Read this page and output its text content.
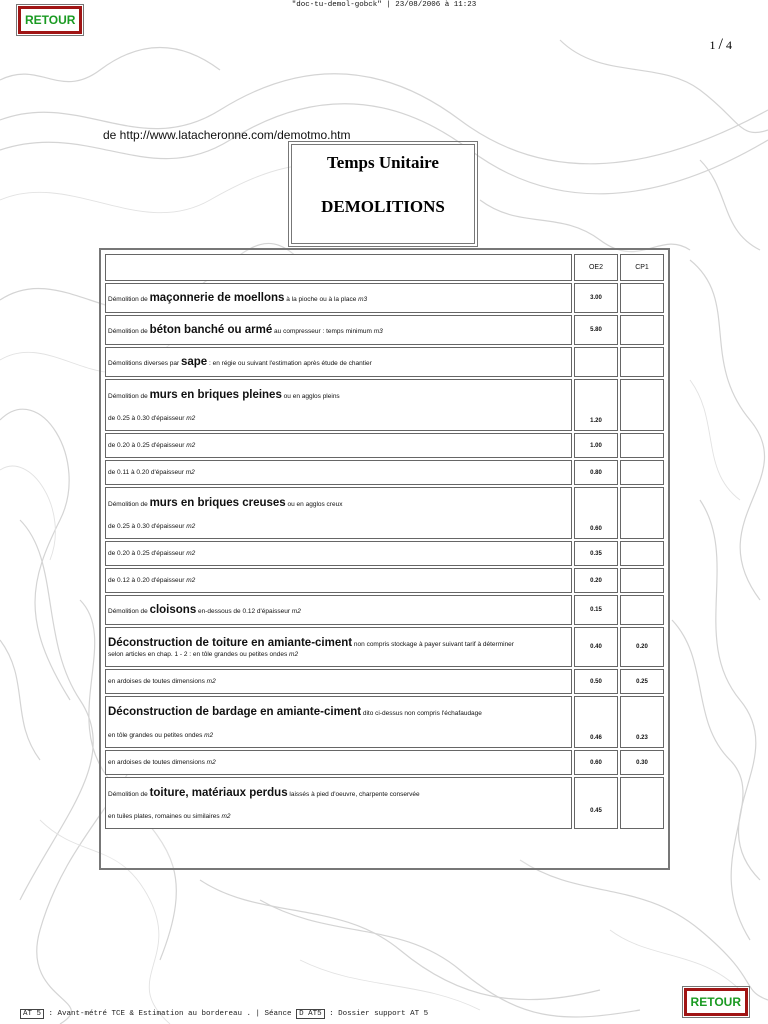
"doc-tu-demol-gobck" | 23/08/2006 à 11:23
RETOUR
1 / 4
de http://www.latacheronne.com/demotmo.htm
Temps Unitaire
DEMOLITIONS
	OE2	CP1
Démolition de maçonnerie de moellons à la pioche ou à la place m3	3.00	
Démolition de béton banché ou armé au compresseur : temps minimum m3	5.80	
Démolitions diverses par sape : en régie ou suivant l'estimation après étude de chantier		
Démolition de murs en briques pleines ou en agglos pleins
de 0.25 à 0.30 d'épaisseur m2	1.20	
de 0.20 à 0.25 d'épaisseur m2	1.00	
de 0.11 à 0.20 d'épaisseur m2	0.80	
Démolition de murs en briques creuses ou en agglos creux
de 0.25 à 0.30 d'épaisseur m2	0.60	
de 0.20 à 0.25 d'épaisseur m2	0.35	
de 0.12 à 0.20 d'épaisseur m2	0.20	
Démolition de cloisons en-dessous de 0.12 d'épaisseur m2	0.15	
Déconstruction de toiture en amiante-ciment non compris stockage à payer suivant tarif à déterminer
selon articles en chap. 1 - 2 : en tôle grandes ou petites ondes m2	0.40	0.20
en ardoises de toutes dimensions m2	0.50	0.25
Déconstruction de bardage en amiante-ciment dito ci-dessus non compris l'échafaudage
en tôle grandes ou petites ondes m2	0.46	0.23
en ardoises de toutes dimensions m2	0.60	0.30
Démolition de toiture, matériaux perdus laissés à pied d'oeuvre, charpente conservée
en tuiles plates, romaines ou similaires m2	0.45	
AT 5 : Avant-métré TCE & Estimation au bordereau . | Séance D AT5 : Dossier support AT 5
RETOUR
